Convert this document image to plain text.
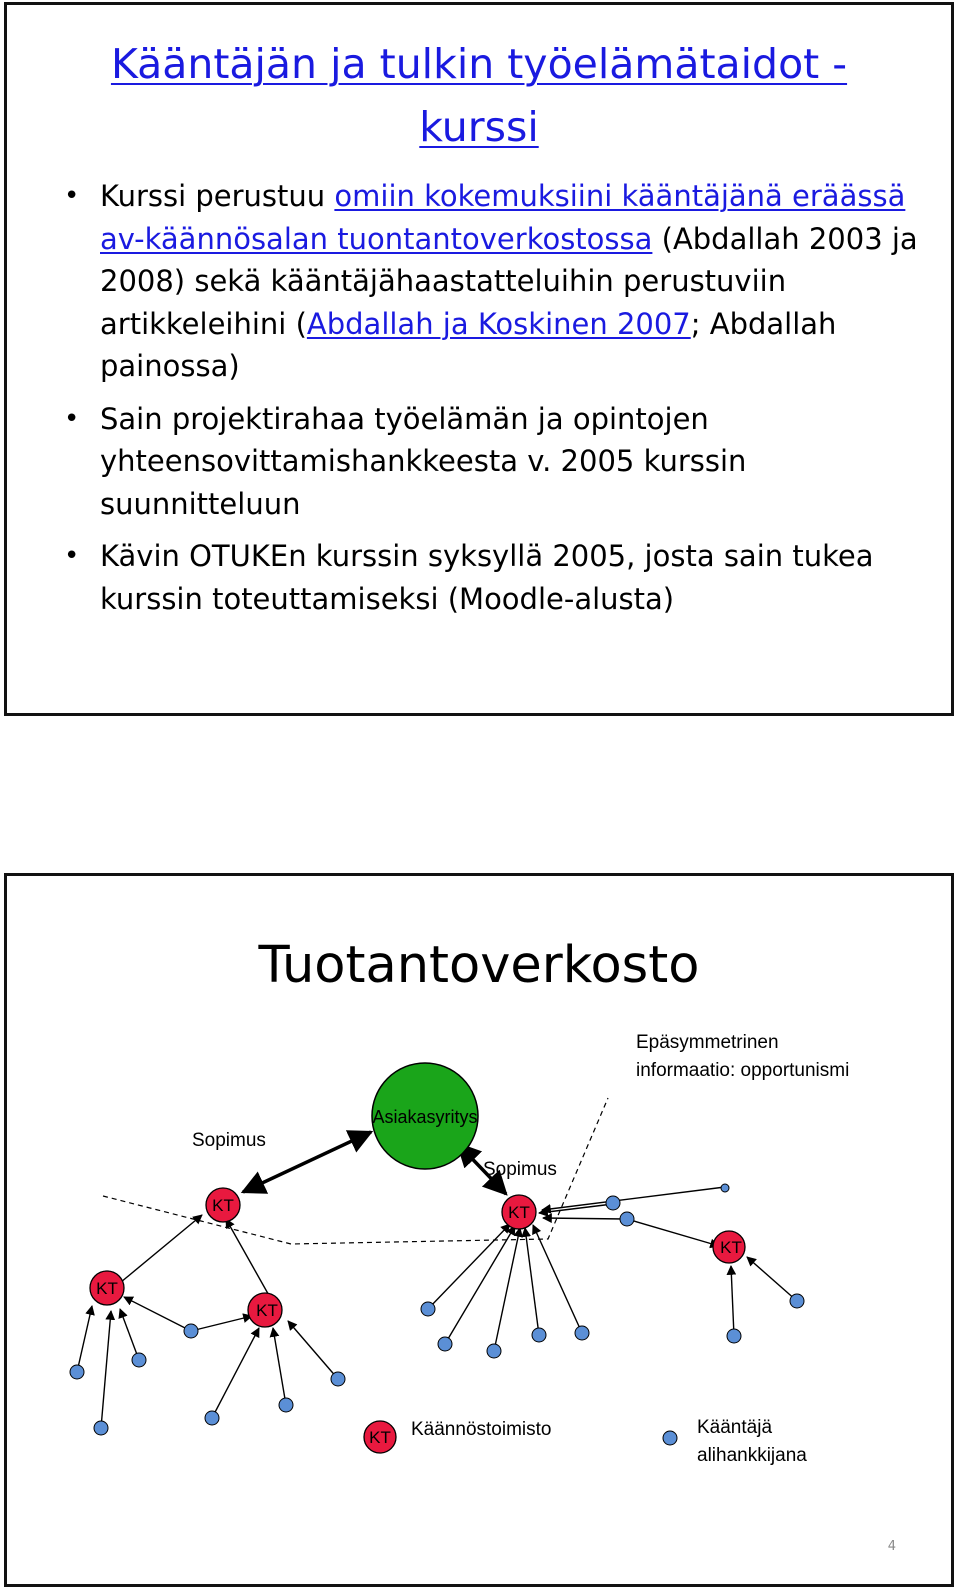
Kääntäjän ja tulkin työelämätaidot -
kurssi
• Kurssi perustuu omiin kokemuksiini kääntäjänä eräässä av-käännösalan tuontantoverkostossa (Abdallah 2003 ja 2008) sekä kääntäjähaastatteluihin perustuviin artikkeleihini (Abdallah ja Koskinen 2007; Abdallah painossa)
• Sain projektirahaa työelämän ja opintojen yhteensovittamishankkeesta v. 2005 kurssin suunnitteluun
• Kävin OTUKEn kurssin syksyllä 2005, josta sain tukea kurssin toteuttamiseksi (Moodle-alusta)
Tuotantoverkosto
Asiakasyritys
KT	KT
KT
KT
KT
Sopimus
Sopimus
Epäsymmetrinen
informaatio: opportunismi
KT Käännöstoimisto	Kääntäjä
alihankkijana
4
